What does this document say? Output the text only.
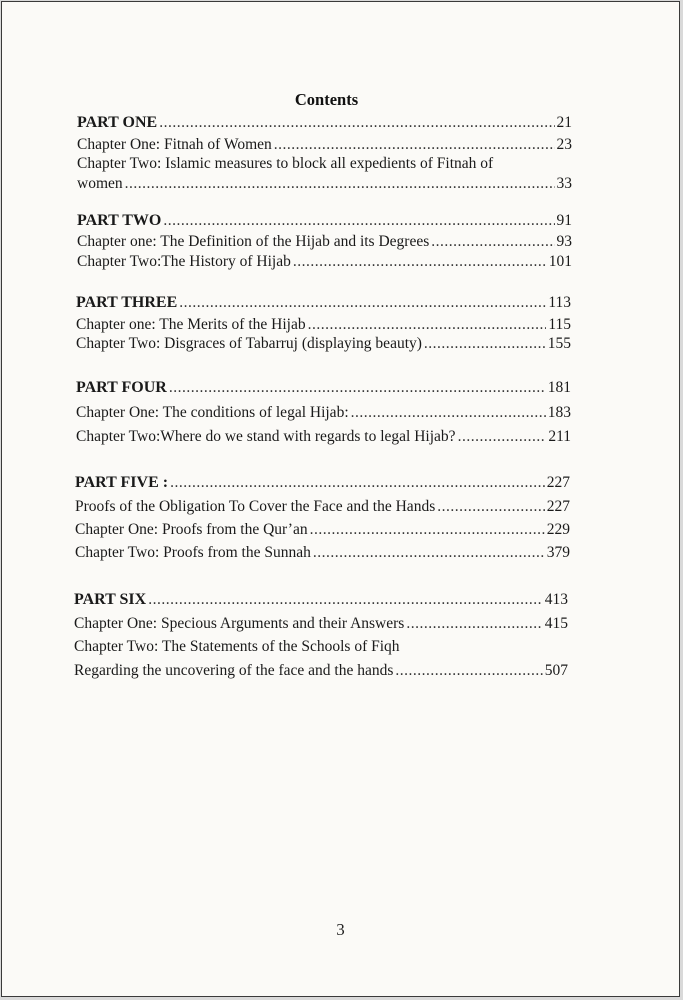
Contents
PART ONE .....	21
Chapter One: Fitnah of Women .....	23
Chapter Two: Islamic measures to block all expedients of Fitnah of
women .....	33
PART TWO .....	91
Chapter one: The Definition of the Hijab and its Degrees .....	93
Chapter Two:The History of Hijab .....	101
PART THREE .....	113
Chapter one: The Merits of the Hijab .....	115
Chapter Two: Disgraces of Tabarruj (displaying beauty) .....	155
PART FOUR .....	181
Chapter One: The conditions of legal Hijab: .....	183
Chapter Two:Where do we stand with regards to legal Hijab? .....	211
PART FIVE : .....	227
Proofs of the Obligation To Cover the Face and the Hands .....	227
Chapter One: Proofs from the Qur’an .....	229
Chapter Two: Proofs from the Sunnah .....	379
PART SIX .....	413
Chapter One: Specious Arguments and their Answers .....	415
Chapter Two: The Statements of the Schools of Fiqh
Regarding the uncovering of the face and the hands .....	507
3
